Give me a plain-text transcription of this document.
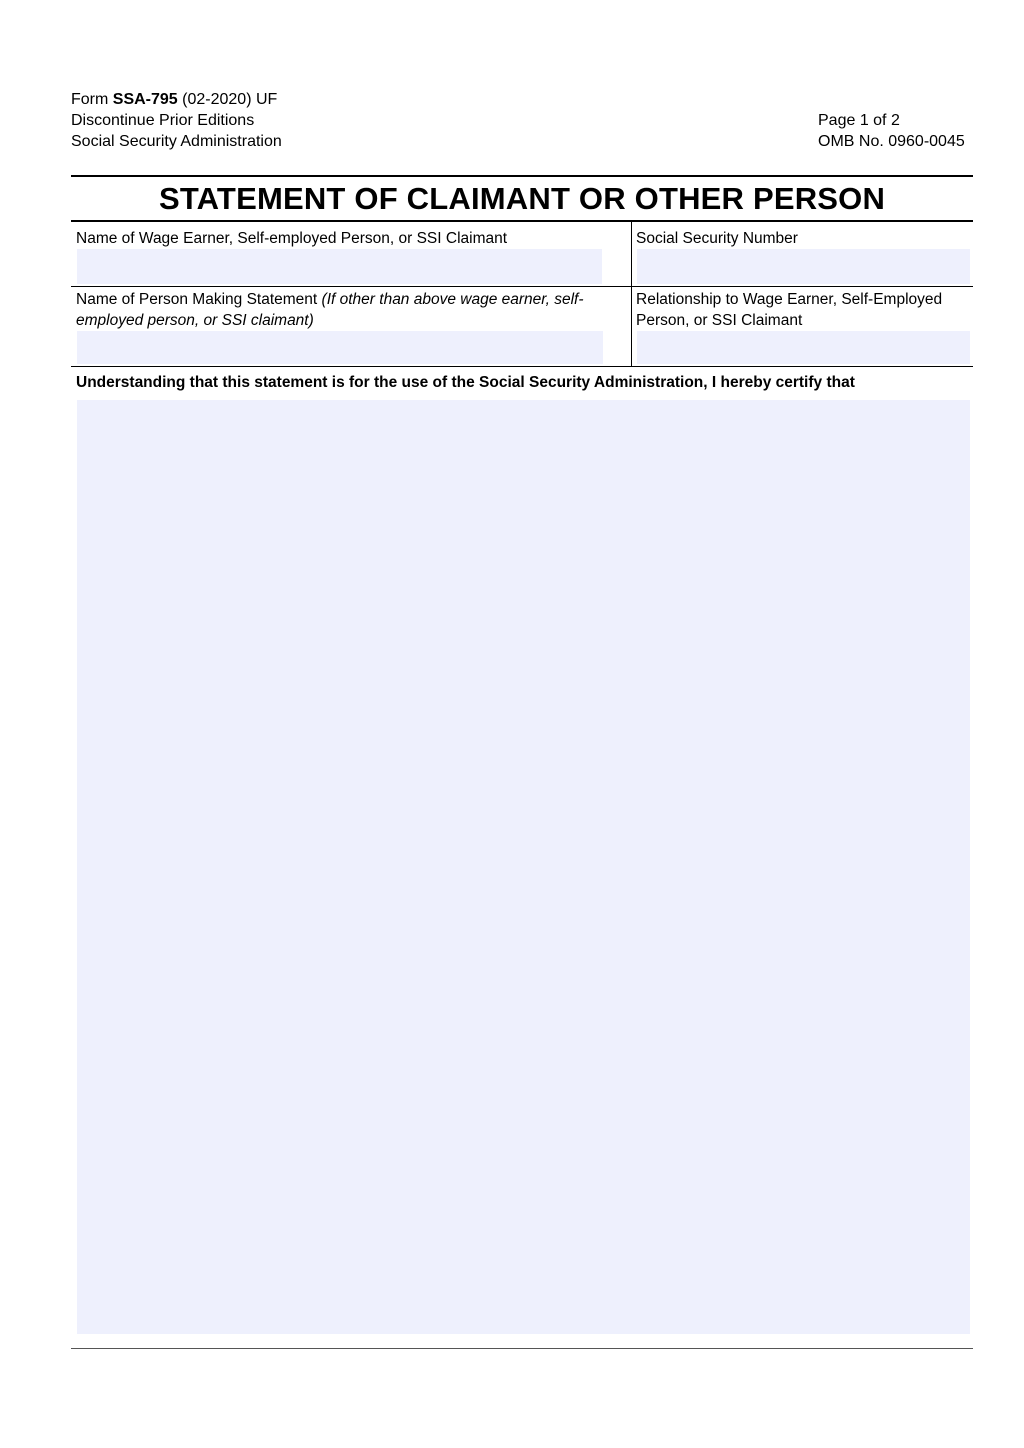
Form SSA-795 (02-2020) UF
Discontinue Prior Editions
Social Security Administration
Page 1 of 2
OMB No. 0960-0045
STATEMENT OF CLAIMANT OR OTHER PERSON
Name of Wage Earner, Self-employed Person, or SSI Claimant	Social Security Number
Name of Person Making Statement (If other than above wage earner, self-employed person, or SSI claimant)
Relationship to Wage Earner, Self-Employed Person, or SSI Claimant
Understanding that this statement is for the use of the Social Security Administration, I hereby certify that
